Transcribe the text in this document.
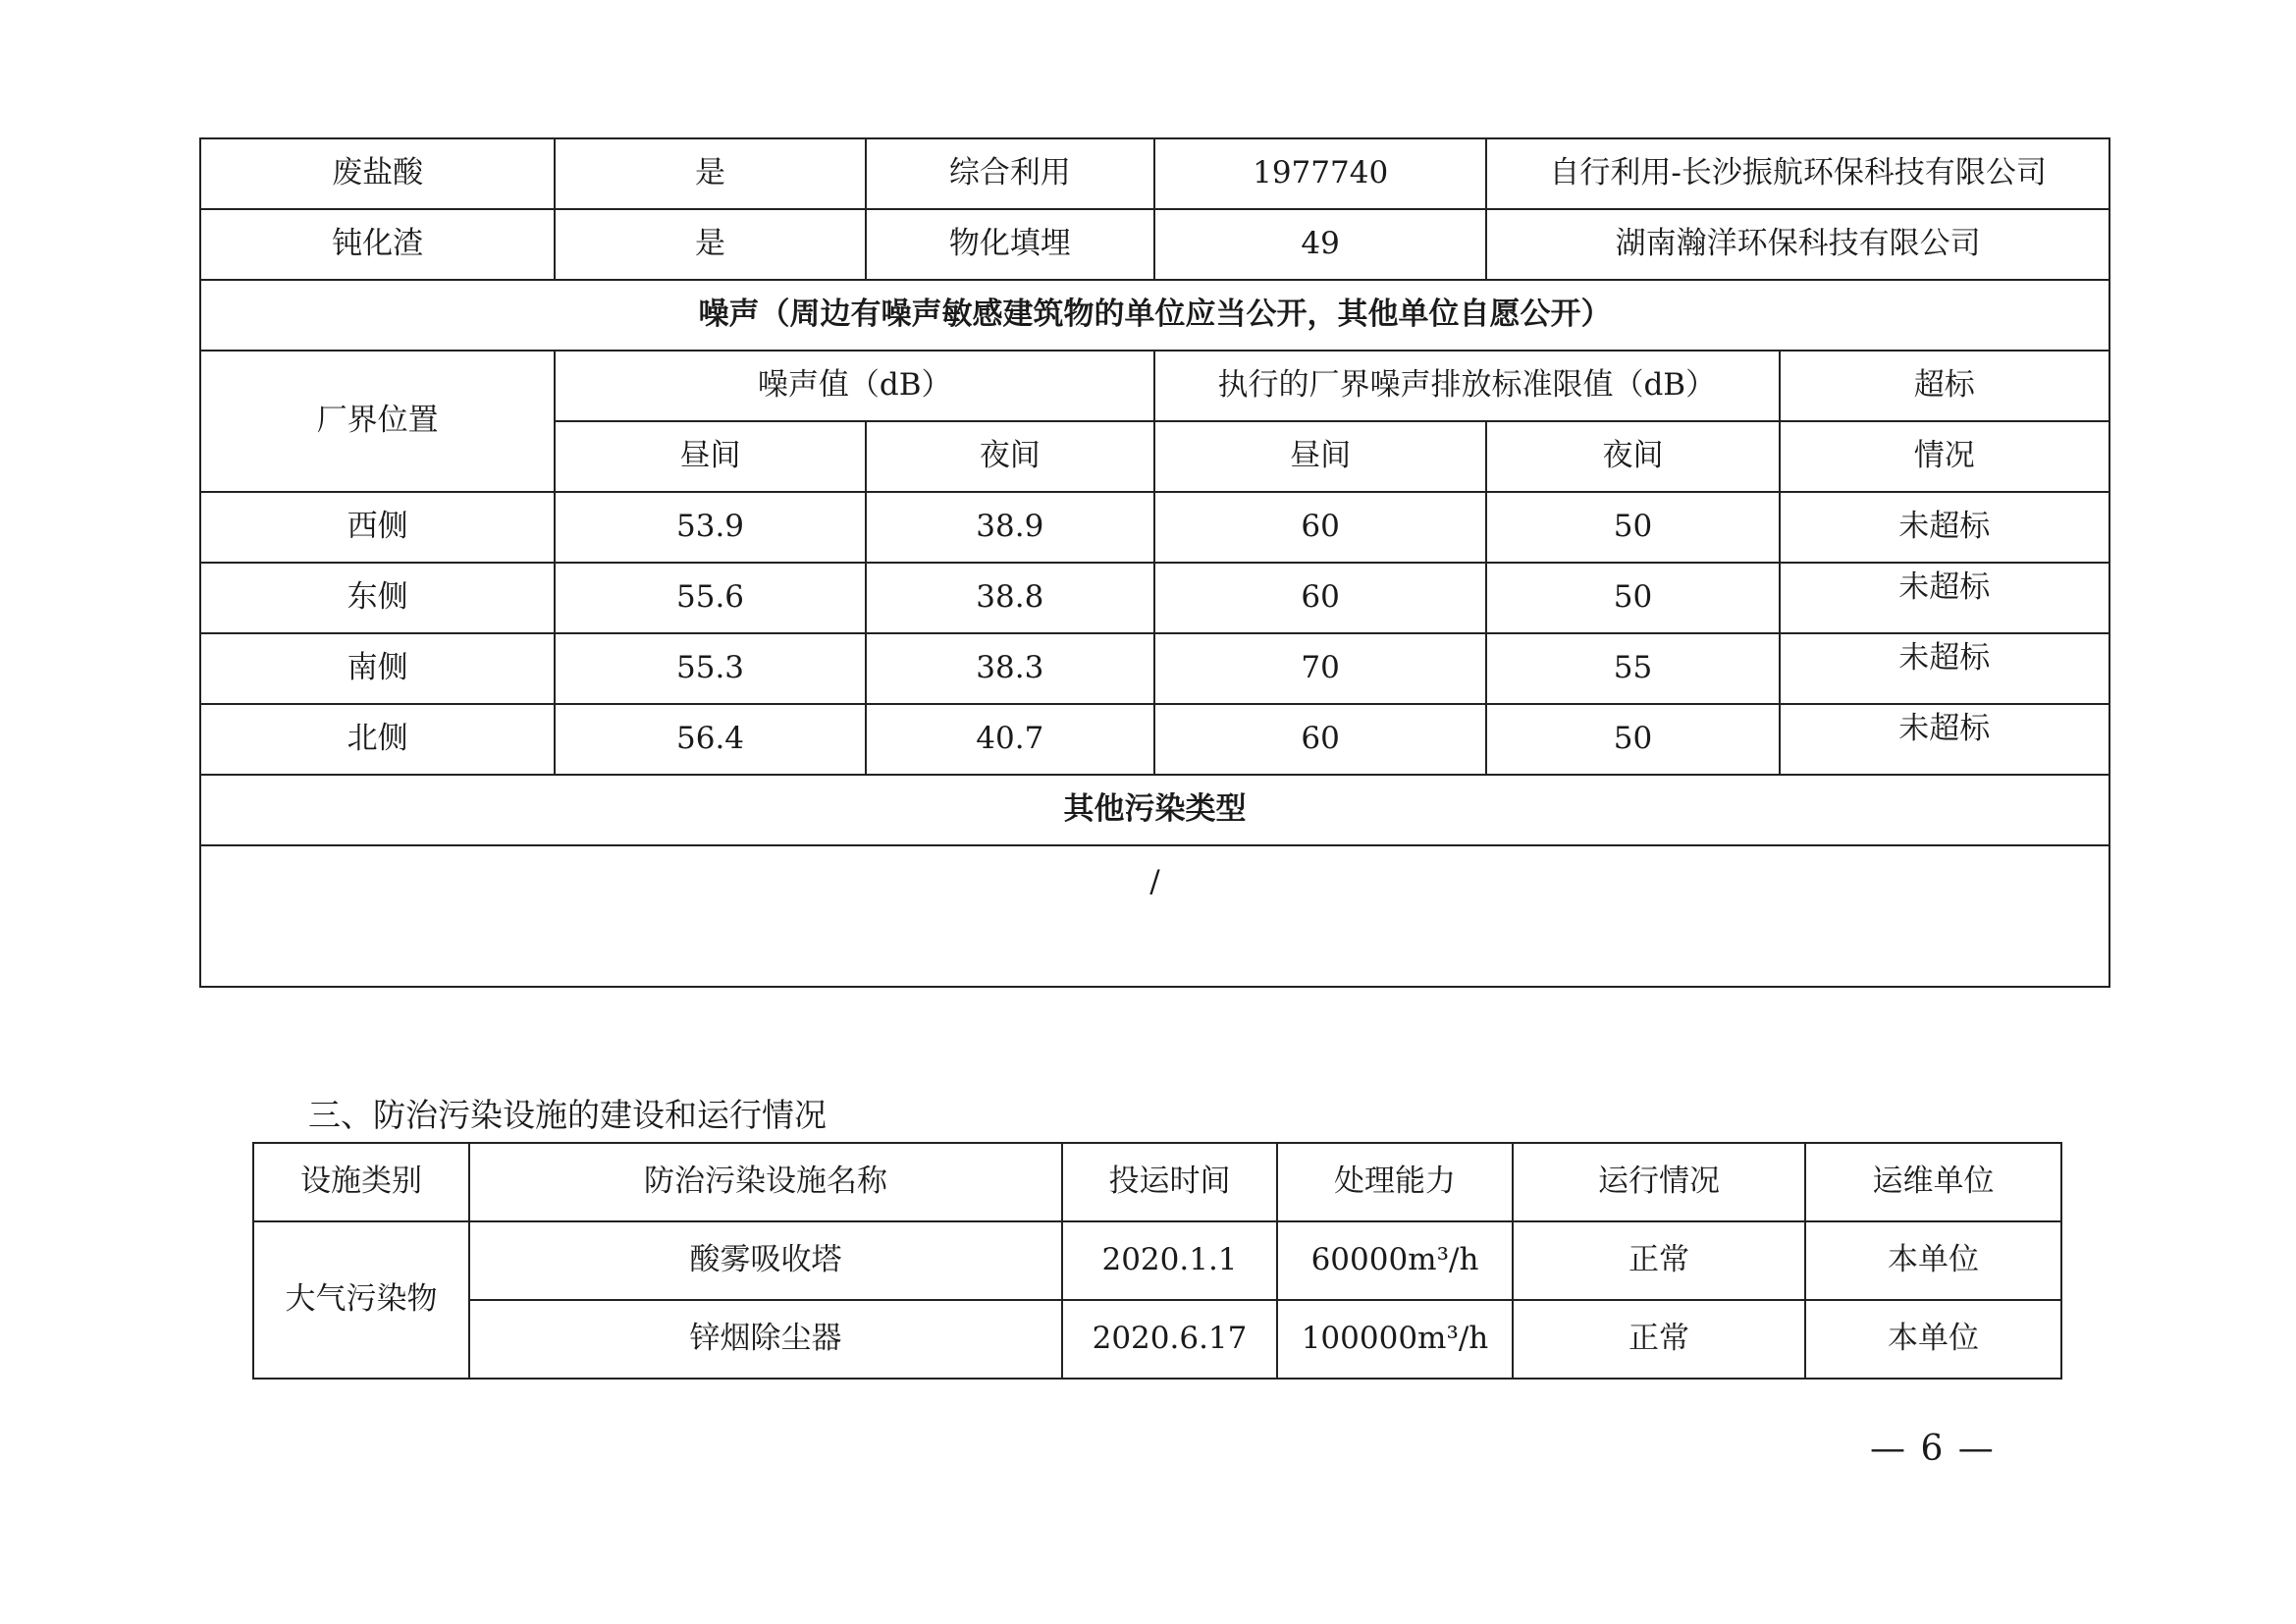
废盐酸	是	综合利用	1977740	自行利用-长沙振航环保科技有限公司	
钝化渣	是	物化填埋	49	湖南瀚洋环保科技有限公司	
噪声（周边有噪声敏感建筑物的单位应当公开，其他单位自愿公开）					
厂界位置	噪声值（dB）		执行的厂界噪声排放标准限值（dB）		超标
	昼间	夜间	昼间	夜间	情况
西侧	53.9	38.9	60	50	未超标
东侧	55.6	38.8	60	50	未超标
南侧	55.3	38.3	70	55	未超标
北侧	56.4	40.7	60	50	未超标
其他污染类型					
/					
三、防治污染设施的建设和运行情况
设施类别	防治污染设施名称	投运时间	处理能力	运行情况	运维单位
大气污染物	酸雾吸收塔	2020.1.1	60000m³/h	正常	本单位
	锌烟除尘器	2020.6.17	100000m³/h	正常	本单位
— 6 —
